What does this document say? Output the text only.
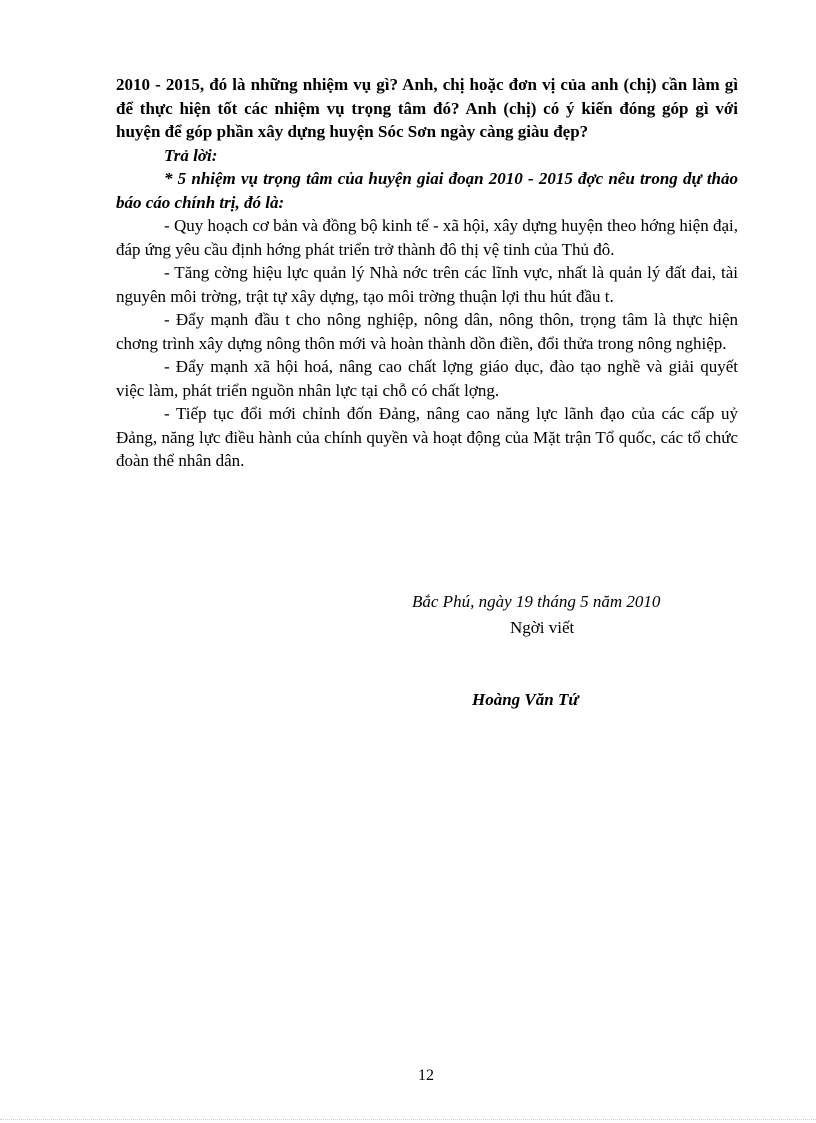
2010 - 2015, đó là những nhiệm vụ gì? Anh, chị hoặc đơn vị của anh (chị) cần làm gì để thực hiện tốt các nhiệm vụ trọng tâm đó? Anh (chị) có ý kiến đóng góp gì với huyện để góp phần xây dựng huyện Sóc Sơn ngày càng giàu đẹp?

Trả lời:

* 5 nhiệm vụ trọng tâm của huyện giai đoạn 2010 - 2015 đợc nêu trong dự thảo báo cáo chính trị, đó là:

- Quy hoạch cơ bản và đồng bộ kinh tế - xã hội, xây dựng huyện theo hớng hiện đại, đáp ứng yêu cầu định hớng phát triển trở thành đô thị vệ tinh của Thủ đô.

- Tăng cờng hiệu lực quản lý Nhà nớc trên các lĩnh vực, nhất là quản lý đất đai, tài nguyên môi trờng, trật tự xây dựng, tạo môi trờng thuận lợi thu hút đầu t.

- Đẩy mạnh đầu t cho nông nghiệp, nông dân, nông thôn, trọng tâm là thực hiện chơng trình xây dựng nông thôn mới và hoàn thành dồn điền, đổi thửa trong nông nghiệp.

- Đẩy mạnh xã hội hoá, nâng cao chất lợng giáo dục, đào tạo nghề và giải quyết việc làm, phát triển nguồn nhân lực tại chỗ có chất lợng.

- Tiếp tục đổi mới chỉnh đốn Đảng, nâng cao năng lực lãnh đạo của các cấp uỷ Đảng, năng lực điều hành của chính quyền và hoạt động của Mặt trận Tổ quốc, các tổ chức đoàn thể nhân dân.

Bắc Phú, ngày 19 tháng 5 năm 2010
Ngời viết
Hoàng Văn Tứ
12
